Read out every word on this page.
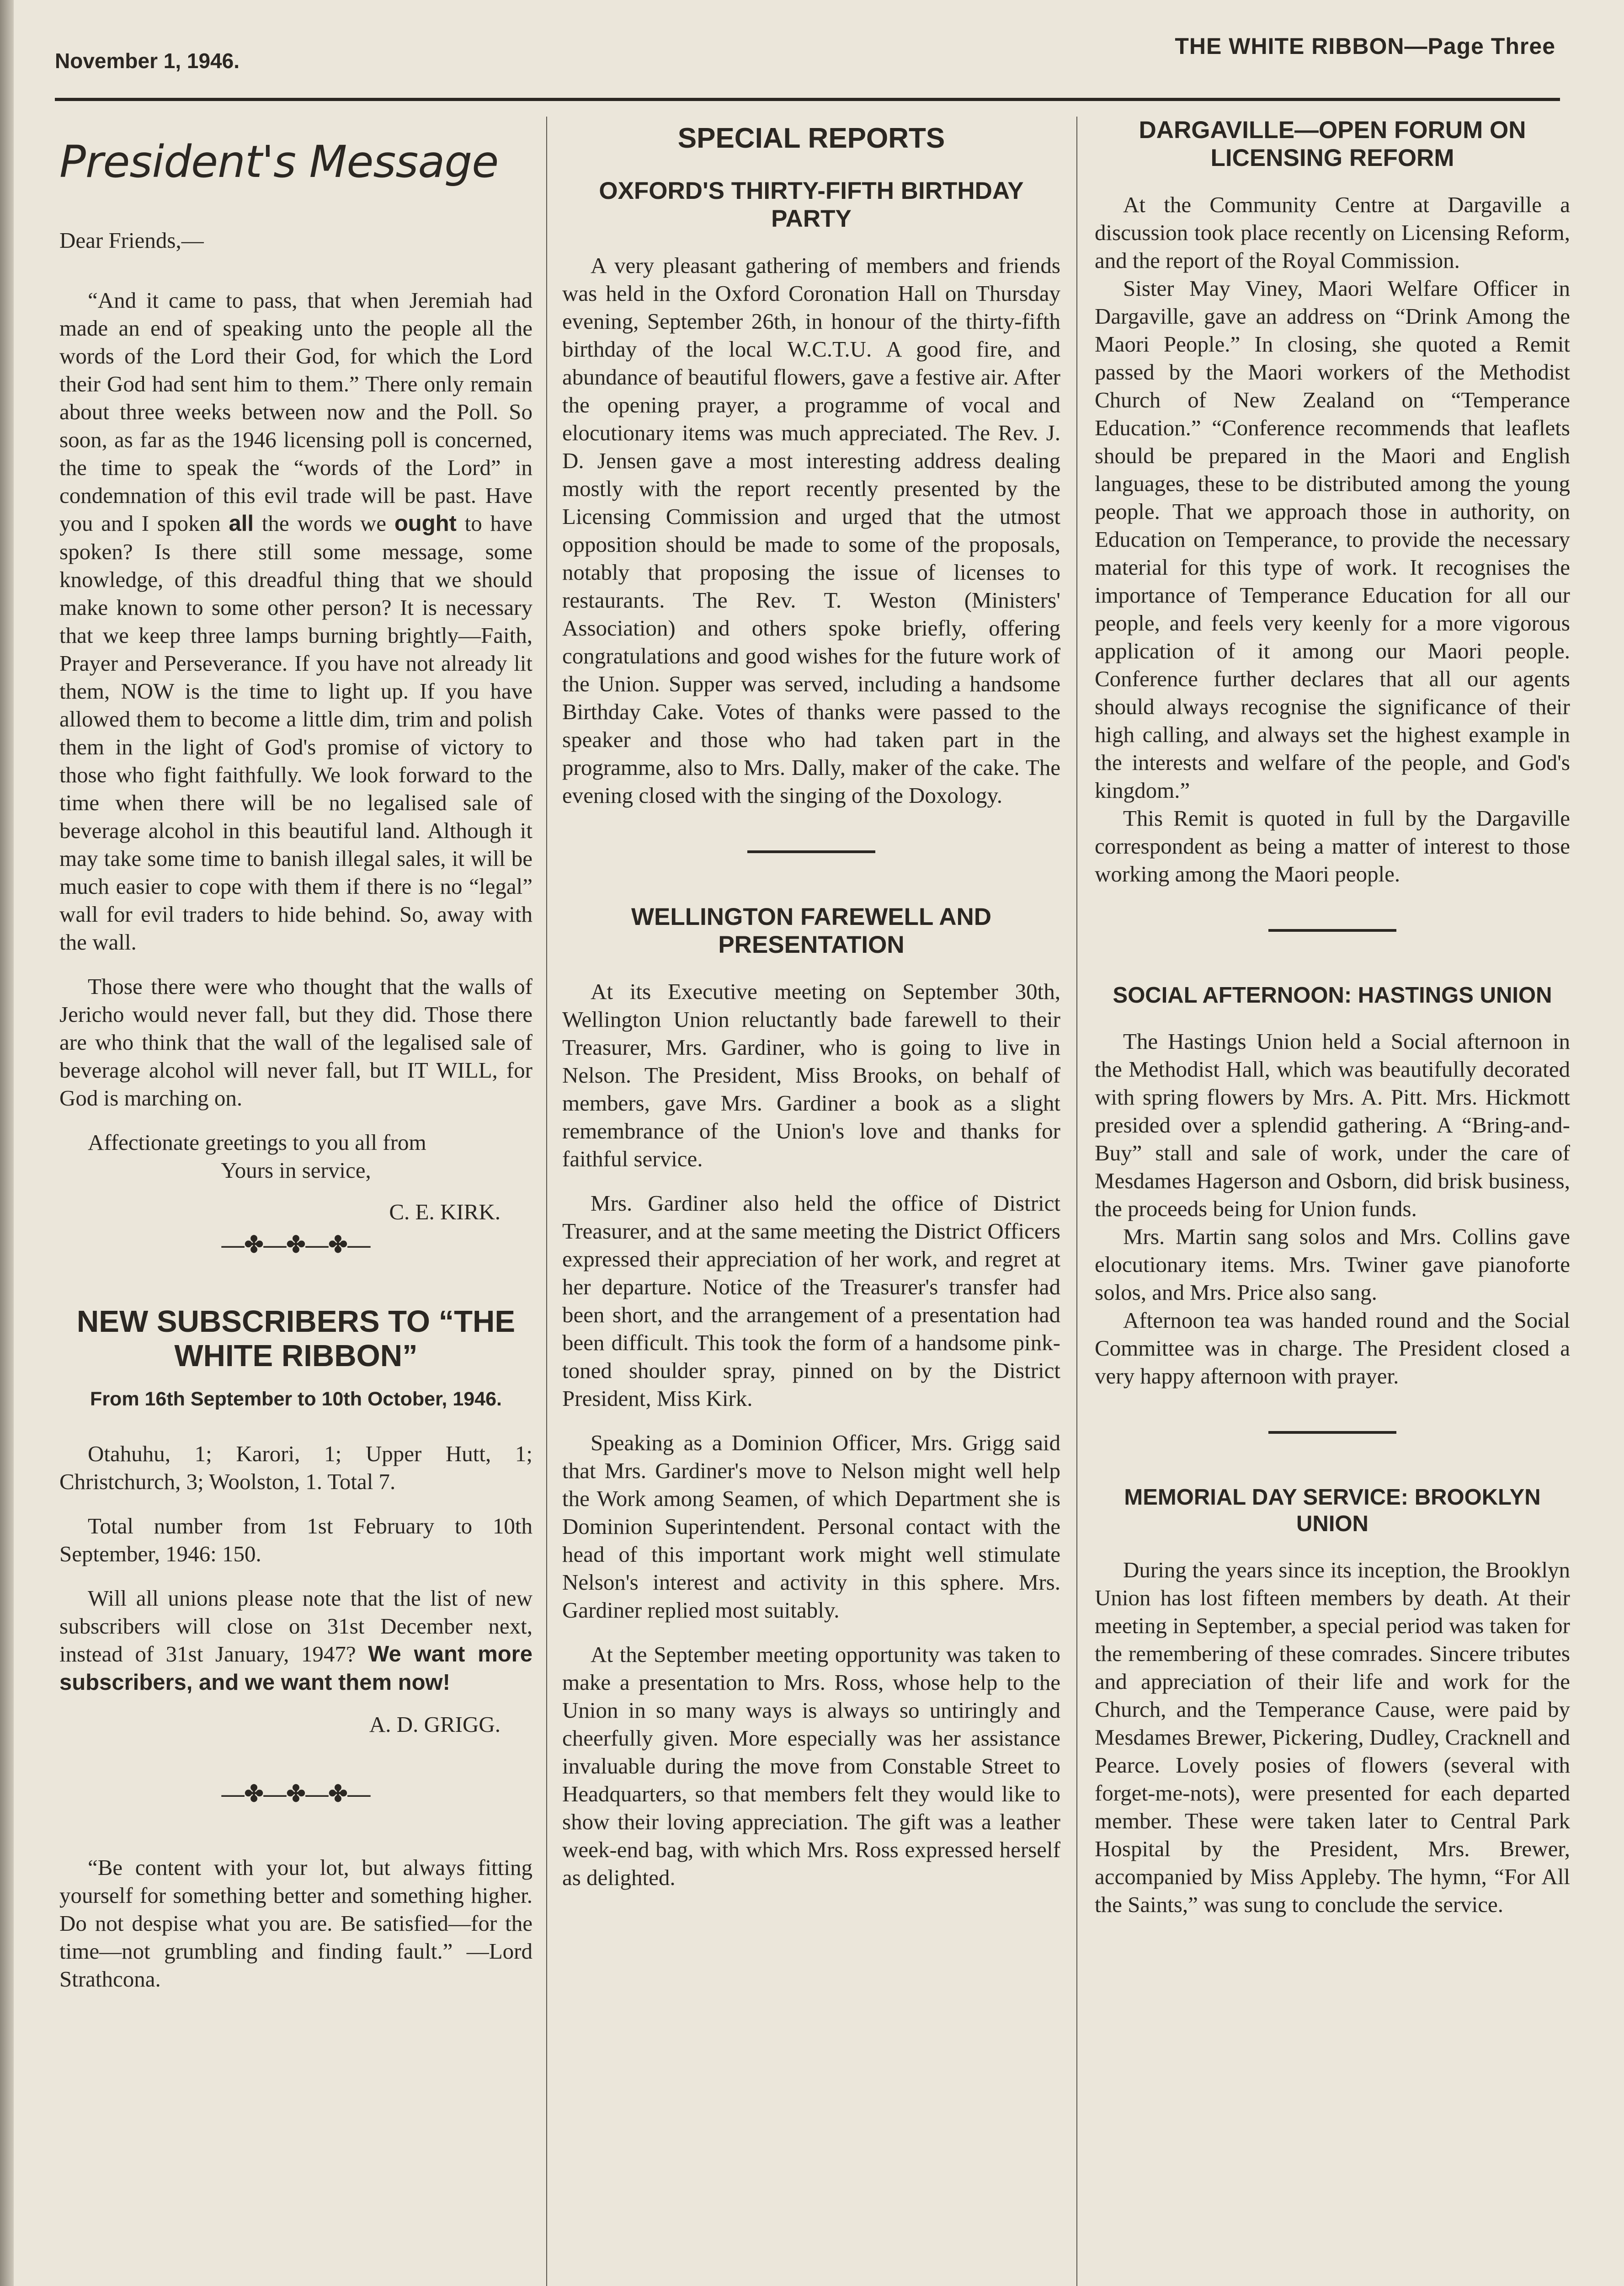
November 1, 1946.
THE WHITE RIBBON—Page Three
President's Message

Dear Friends,—

“And it came to pass, that when Jeremiah had made an end of speaking unto the people all the words of the Lord their God, for which the Lord their God had sent him to them.” There only remain about three weeks between now and the Poll. So soon, as far as the 1946 licensing poll is concerned, the time to speak the “words of the Lord” in condemnation of this evil trade will be past. Have you and I spoken all the words we ought to have spoken? Is there still some message, some knowledge, of this dreadful thing that we should make known to some other person? It is necessary that we keep three lamps burning brightly—Faith, Prayer and Perseverance. If you have not already lit them, NOW is the time to light up. If you have allowed them to become a little dim, trim and polish them in the light of God's promise of victory to those who fight faithfully. We look forward to the time when there will be no legalised sale of beverage alcohol in this beautiful land. Although it may take some time to banish illegal sales, it will be much easier to cope with them if there is no “legal” wall for evil traders to hide behind. So, away with the wall.

Those there were who thought that the walls of Jericho would never fall, but they did. Those there are who think that the wall of the legalised sale of beverage alcohol will never fall, but IT WILL, for God is marching on.

Affectionate greetings to you all from

Yours in service,

C. E. KIRK.

—✤—✤—✤—
NEW SUBSCRIBERS TO “THE WHITE RIBBON”
From 16th September to 10th October, 1946.

Otahuhu, 1; Karori, 1; Upper Hutt, 1; Christchurch, 3; Woolston, 1. Total 7.

Total number from 1st February to 10th September, 1946: 150.

Will all unions please note that the list of new subscribers will close on 31st December next, instead of 31st January, 1947? We want more subscribers, and we want them now!

A. D. GRIGG.

—✤—✤—✤—

“Be content with your lot, but always fitting yourself for something better and something higher. Do not despise what you are. Be satisfied—for the time—not grumbling and finding fault.” —Lord Strathcona.

SPECIAL REPORTS
OXFORD'S THIRTY-FIFTH BIRTHDAY PARTY

A very pleasant gathering of members and friends was held in the Oxford Coronation Hall on Thursday evening, September 26th, in honour of the thirty-fifth birthday of the local W.C.T.U. A good fire, and abundance of beautiful flowers, gave a festive air. After the opening prayer, a programme of vocal and elocutionary items was much appreciated. The Rev. J. D. Jensen gave a most interesting address dealing mostly with the report recently presented by the Licensing Commission and urged that the utmost opposition should be made to some of the proposals, notably that proposing the issue of licenses to restaurants. The Rev. T. Weston (Ministers' Association) and others spoke briefly, offering congratulations and good wishes for the future work of the Union. Supper was served, including a handsome Birthday Cake. Votes of thanks were passed to the speaker and those who had taken part in the programme, also to Mrs. Dally, maker of the cake. The evening closed with the singing of the Doxology.

WELLINGTON FAREWELL AND PRESENTATION

At its Executive meeting on September 30th, Wellington Union reluctantly bade farewell to their Treasurer, Mrs. Gardiner, who is going to live in Nelson. The President, Miss Brooks, on behalf of members, gave Mrs. Gardiner a book as a slight remembrance of the Union's love and thanks for faithful service.

Mrs. Gardiner also held the office of District Treasurer, and at the same meeting the District Officers expressed their appreciation of her work, and regret at her departure. Notice of the Treasurer's transfer had been short, and the arrangement of a presentation had been difficult. This took the form of a handsome pink-toned shoulder spray, pinned on by the District President, Miss Kirk.

Speaking as a Dominion Officer, Mrs. Grigg said that Mrs. Gardiner's move to Nelson might well help the Work among Seamen, of which Department she is Dominion Superintendent. Personal contact with the head of this important work might well stimulate Nelson's interest and activity in this sphere. Mrs. Gardiner replied most suitably.

At the September meeting opportunity was taken to make a presentation to Mrs. Ross, whose help to the Union in so many ways is always so untiringly and cheerfully given. More especially was her assistance invaluable during the move from Constable Street to Headquarters, so that members felt they would like to show their loving appreciation. The gift was a leather week-end bag, with which Mrs. Ross expressed herself as delighted.

DARGAVILLE—OPEN FORUM ON LICENSING REFORM

At the Community Centre at Dargaville a discussion took place recently on Licensing Reform, and the report of the Royal Commission.

Sister May Viney, Maori Welfare Officer in Dargaville, gave an address on “Drink Among the Maori People.” In closing, she quoted a Remit passed by the Maori workers of the Methodist Church of New Zealand on “Temperance Education.” “Conference recommends that leaflets should be prepared in the Maori and English languages, these to be distributed among the young people. That we approach those in authority, on Education on Temperance, to provide the necessary material for this type of work. It recognises the importance of Temperance Education for all our people, and feels very keenly for a more vigorous application of it among our Maori people. Conference further declares that all our agents should always recognise the significance of their high calling, and always set the highest example in the interests and welfare of the people, and God's kingdom.”

This Remit is quoted in full by the Dargaville correspondent as being a matter of interest to those working among the Maori people.

SOCIAL AFTERNOON: HASTINGS UNION

The Hastings Union held a Social afternoon in the Methodist Hall, which was beautifully decorated with spring flowers by Mrs. A. Pitt. Mrs. Hickmott presided over a splendid gathering. A “Bring-and-Buy” stall and sale of work, under the care of Mesdames Hagerson and Osborn, did brisk business, the proceeds being for Union funds.

Mrs. Martin sang solos and Mrs. Collins gave elocutionary items. Mrs. Twiner gave pianoforte solos, and Mrs. Price also sang.

Afternoon tea was handed round and the Social Committee was in charge. The President closed a very happy afternoon with prayer.

MEMORIAL DAY SERVICE: BROOKLYN UNION

During the years since its inception, the Brooklyn Union has lost fifteen members by death. At their meeting in September, a special period was taken for the remembering of these comrades. Sincere tributes and appreciation of their life and work for the Church, and the Temperance Cause, were paid by Mesdames Brewer, Pickering, Dudley, Cracknell and Pearce. Lovely posies of flowers (several with forget-me-nots), were presented for each departed member. These were taken later to Central Park Hospital by the President, Mrs. Brewer, accompanied by Miss Appleby. The hymn, “For All the Saints,” was sung to conclude the service.
